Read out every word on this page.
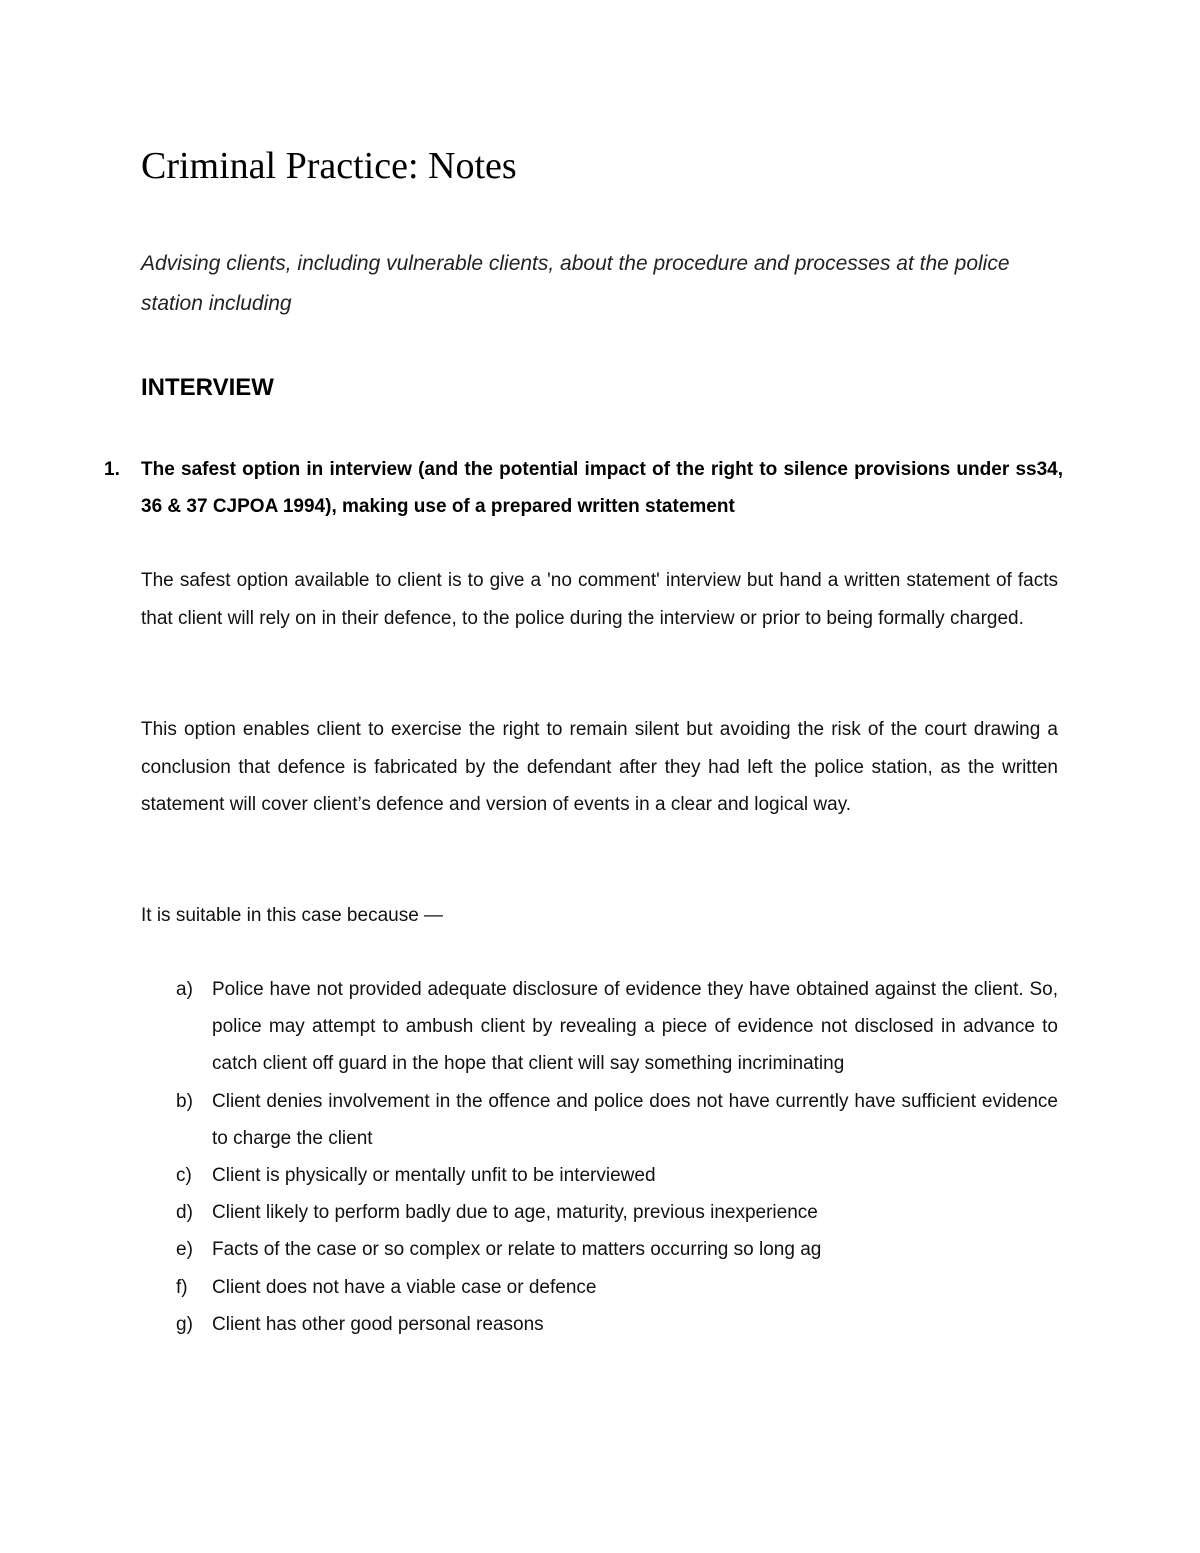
Criminal Practice: Notes

Advising clients, including vulnerable clients, about the procedure and processes at the police station including

INTERVIEW
1. The safest option in interview (and the potential impact of the right to silence provisions under ss34, 36 & 37 CJPOA 1994), making use of a prepared written statement

The safest option available to client is to give a 'no comment' interview but hand a written statement of facts that client will rely on in their defence, to the police during the interview or prior to being formally charged.

This option enables client to exercise the right to remain silent but avoiding the risk of the court drawing a conclusion that defence is fabricated by the defendant after they had left the police station, as the written statement will cover client’s defence and version of events in a clear and logical way.

It is suitable in this case because —

a) Police have not provided adequate disclosure of evidence they have obtained against the client. So, police may attempt to ambush client by revealing a piece of evidence not disclosed in advance to catch client off guard in the hope that client will say something incriminating
b) Client denies involvement in the offence and police does not have currently have sufficient evidence to charge the client
c) Client is physically or mentally unfit to be interviewed
d) Client likely to perform badly due to age, maturity, previous inexperience
e) Facts of the case or so complex or relate to matters occurring so long ag
f) Client does not have a viable case or defence
g) Client has other good personal reasons
